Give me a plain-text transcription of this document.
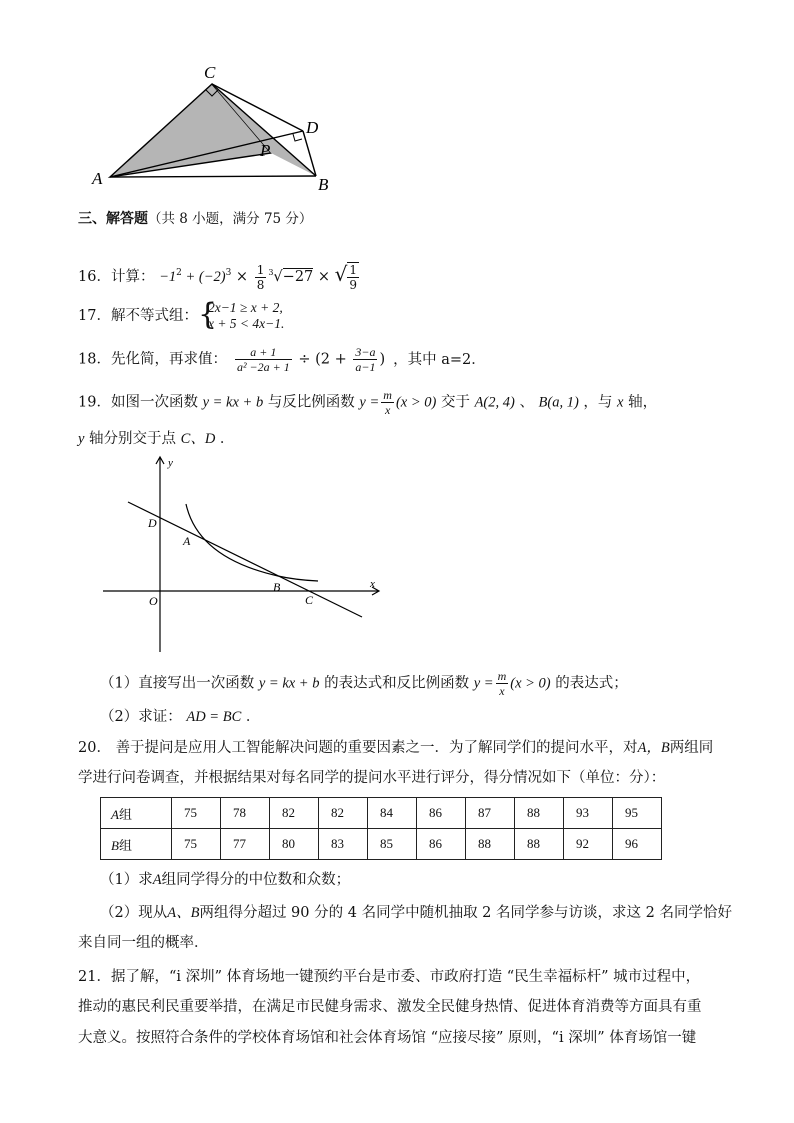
C
D
P
A	B
三、解答题（共 8 小题，满分 75 分）
16．计算： $-1^2 + (-2)^3 \times \frac{1}{8} ^3√-27$ × √ $\frac{1}{9}$
17．解不等式组： {
2x−1 ≥ x + 2,
x + 5 < 4x−1.
18．先化简，再求值： $\frac{a + 1}{\text{a² −2a + 1}} \div (2 + \frac{3-a}{a-1}$ ) ，其中 a=2．
19．如图一次函数 y = kx + b 与反比例函数 $y = \frac{m}{x} (x > 0)$ 交于 A(2, 4) 、 B(a, 1) ，与 x 轴，
y 轴分别交于点 C、D ．
y
x
O
D
A
B
C
（1）直接写出一次函数 y = kx + b 的表达式和反比例函数 $y = \frac{m}{x} (x > 0)$ 的表达式；
（2）求证： AD = BC ．
20． 善于提问是应用人工智能解决问题的重要因素之一．为了解同学们的提问水平，对A，B两组同
学进行问卷调查，并根据结果对每名同学的提问水平进行评分，得分情况如下（单位：分）：
A组	75	78	82	82	84	86	87	88	93	95
B组	75	77	80	83	85	86	88	88	92	96
（1）求A组同学得分的中位数和众数；
（2）现从A、B两组得分超过 90 分的 4 名同学中随机抽取 2 名同学参与访谈，求这 2 名同学恰好
来自同一组的概率．
21．据了解，“i 深圳” 体育场地一键预约平台是市委、市政府打造 “民生幸福标杆” 城市过程中，
推动的惠民利民重要举措，在满足市民健身需求、激发全民健身热情、促进体育消费等方面具有重
大意义。按照符合条件的学校体育场馆和社会体育场馆 “应接尽接” 原则，“i 深圳” 体育场馆一键
